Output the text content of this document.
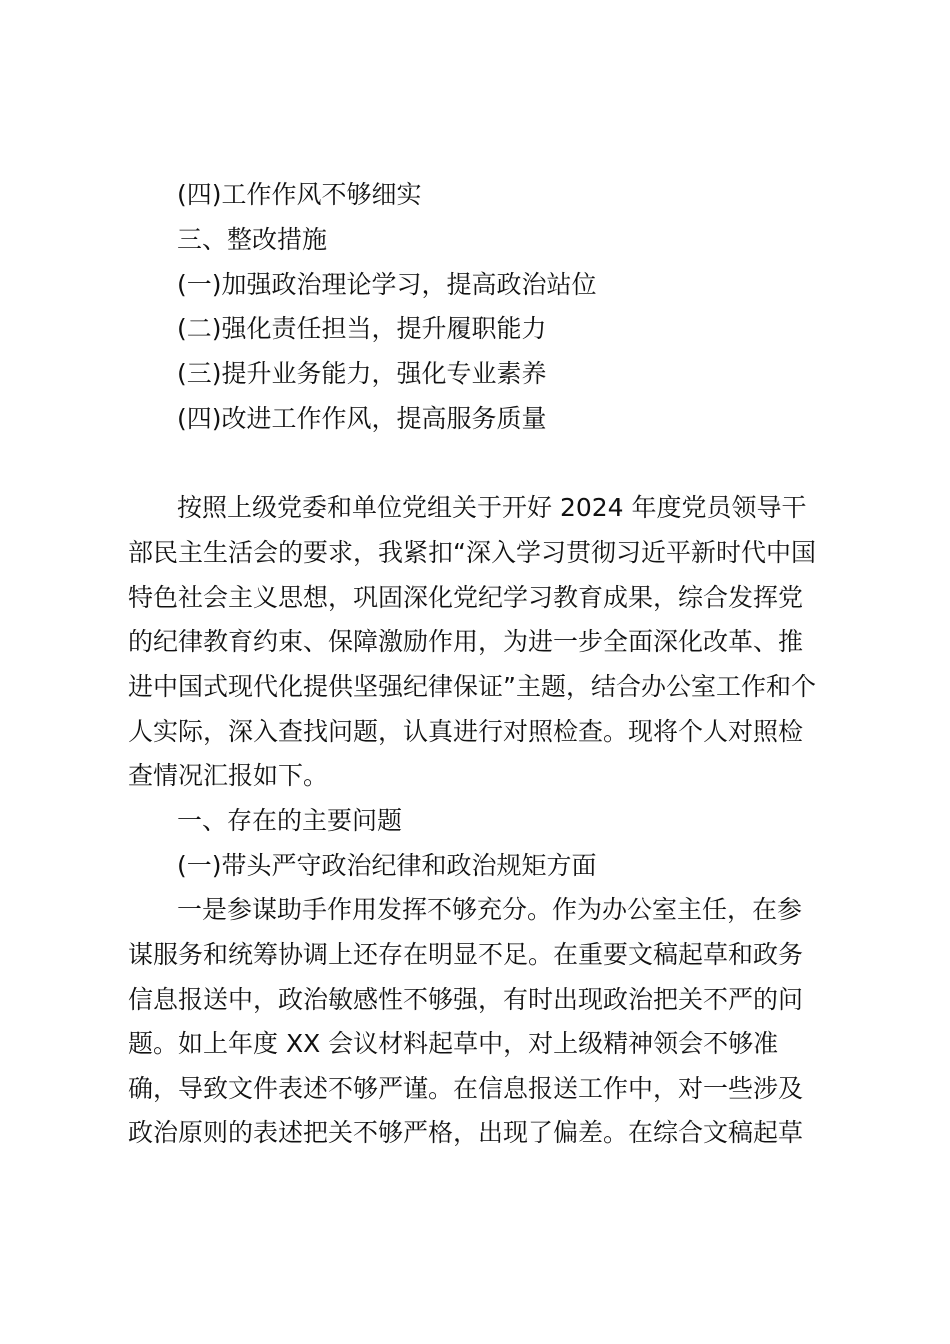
(四)工作作风不够细实
三、整改措施
(一)加强政治理论学习，提高政治站位
(二)强化责任担当，提升履职能力
(三)提升业务能力，强化专业素养
(四)改进工作作风，提高服务质量
按照上级党委和单位党组关于开好 2024 年度党员领导干
部民主生活会的要求，我紧扣“深入学习贯彻习近平新时代中国
特色社会主义思想，巩固深化党纪学习教育成果，综合发挥党
的纪律教育约束、保障激励作用，为进一步全面深化改革、推
进中国式现代化提供坚强纪律保证”主题，结合办公室工作和个
人实际，深入查找问题，认真进行对照检查。现将个人对照检
查情况汇报如下。
一、存在的主要问题
(一)带头严守政治纪律和政治规矩方面
一是参谋助手作用发挥不够充分。作为办公室主任，在参
谋服务和统筹协调上还存在明显不足。在重要文稿起草和政务
信息报送中，政治敏感性不够强，有时出现政治把关不严的问
题。如上年度 XX 会议材料起草中，对上级精神领会不够准
确，导致文件表述不够严谨。在信息报送工作中，对一些涉及
政治原则的表述把关不够严格，出现了偏差。在综合文稿起草
